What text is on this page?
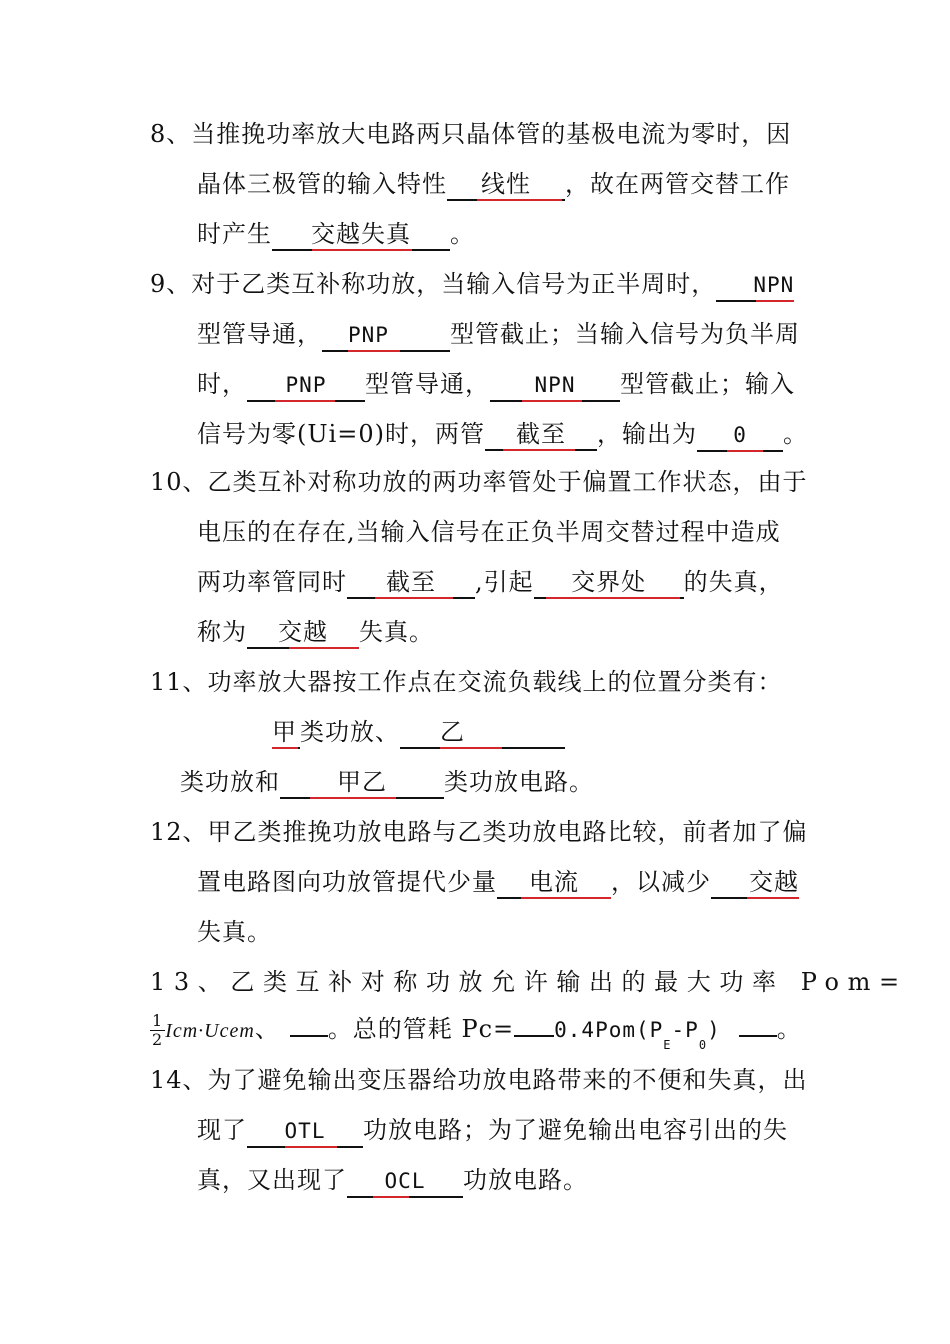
8、当推挽功率放大电路两只晶体管的基极电流为零时，因
晶体三极管的输入特性 线性 ，故在两管交替工作
时产生 交越失真 。
9、对于乙类互补称功放，当输入信号为正半周时， NPN
型管导通， PNP	型管截止；当输入信号为负半周
时， PNP 型管导通， NPN 型管截止；输入
信号为零(Ui=0)时，两管 截至 ，输出为 0 。
10、乙类互补对称功放的两功率管处于偏置工作状态，由于
电压的在存在,当输入信号在正负半周交替过程中造成
两功率管同时 截至 ,引起 交界处 的失真，
称为 交越 失真。
11、功率放大器按工作点在交流负载线上的位置分类有：
甲 类功放、 乙
类功放和 甲乙 类功放电路。
12、甲乙类推挽功放电路与乙类功放电路比较，前者加了偏
置电路图向功放管提代少量 电流 ，以减少 交越
失真。
13、乙类互补对称功放允许输出的最大功率 Pom=
$\frac{1}{2}$ Icm·Ucem、 。总的管耗 $Pc= 0.4Pom(P_E-P_0)$ 。
14、为了避免输出变压器给功放电路带来的不便和失真，出
现了 OTL 功放电路；为了避免输出电容引出的失
真，又出现了 OCL 功放电路。
